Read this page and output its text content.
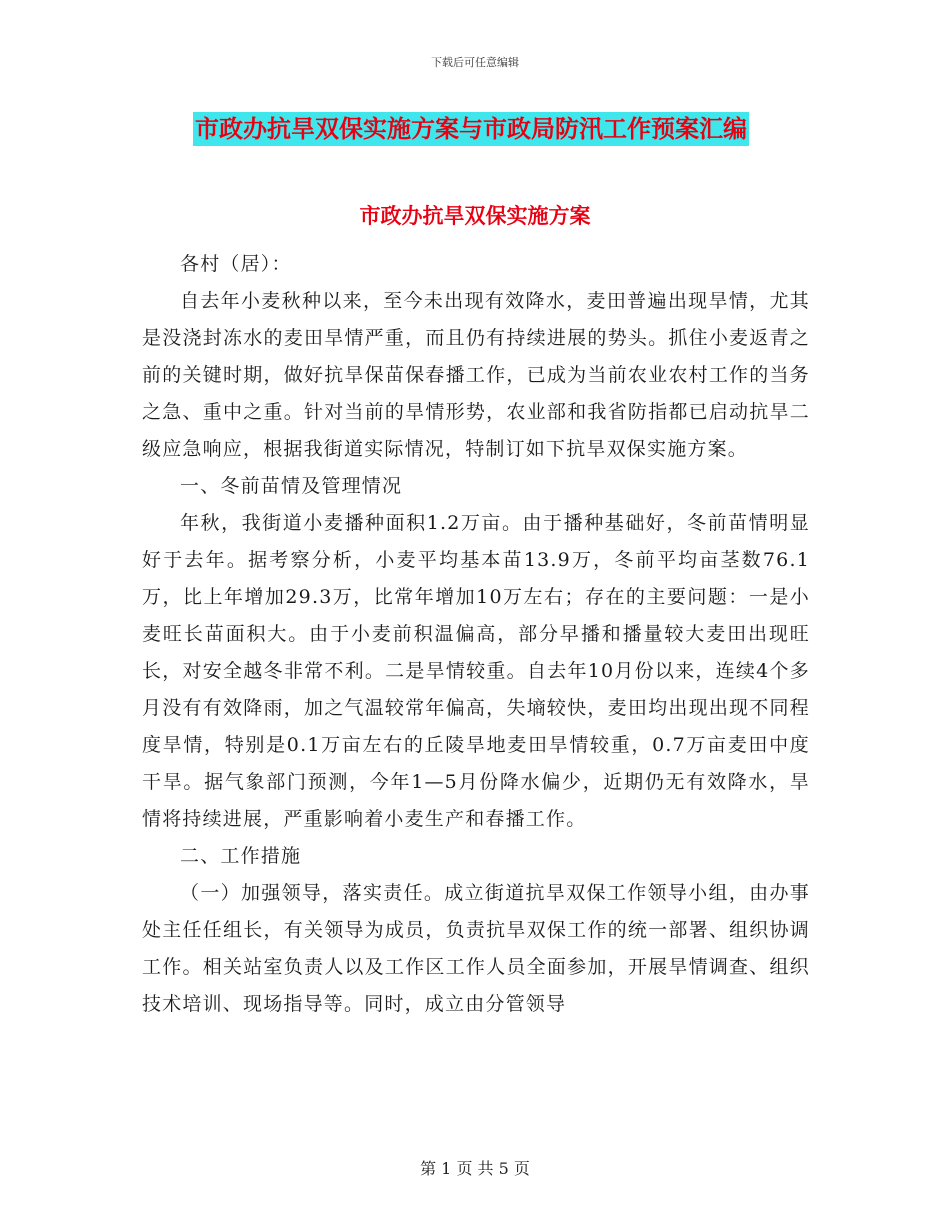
下载后可任意编辑
市政办抗旱双保实施方案与市政局防汛工作预案汇编
市政办抗旱双保实施方案

各村（居）：

自去年小麦秋种以来，至今未出现有效降水，麦田普遍出现旱情，尤其是没浇封冻水的麦田旱情严重，而且仍有持续进展的势头。抓住小麦返青之前的关键时期，做好抗旱保苗保春播工作，已成为当前农业农村工作的当务之急、重中之重。针对当前的旱情形势，农业部和我省防指都已启动抗旱二级应急响应，根据我街道实际情况，特制订如下抗旱双保实施方案。

一、冬前苗情及管理情况

年秋，我街道小麦播种面积1.2万亩。由于播种基础好，冬前苗情明显好于去年。据考察分析，小麦平均基本苗13.9万，冬前平均亩茎数76.1万，比上年增加29.3万，比常年增加10万左右；存在的主要问题：一是小麦旺长苗面积大。由于小麦前积温偏高，部分早播和播量较大麦田出现旺长，对安全越冬非常不利。二是旱情较重。自去年10月份以来，连续4个多月没有有效降雨，加之气温较常年偏高，失墒较快，麦田均出现出现不同程度旱情，特别是0.1万亩左右的丘陵旱地麦田旱情较重，0.7万亩麦田中度干旱。据气象部门预测，今年1—5月份降水偏少，近期仍无有效降水，旱情将持续进展，严重影响着小麦生产和春播工作。

二、工作措施

（一）加强领导，落实责任。成立街道抗旱双保工作领导小组，由办事处主任任组长，有关领导为成员，负责抗旱双保工作的统一部署、组织协调工作。相关站室负责人以及工作区工作人员全面参加，开展旱情调查、组织技术培训、现场指导等。同时，成立由分管领导

第 1 页 共 5 页
